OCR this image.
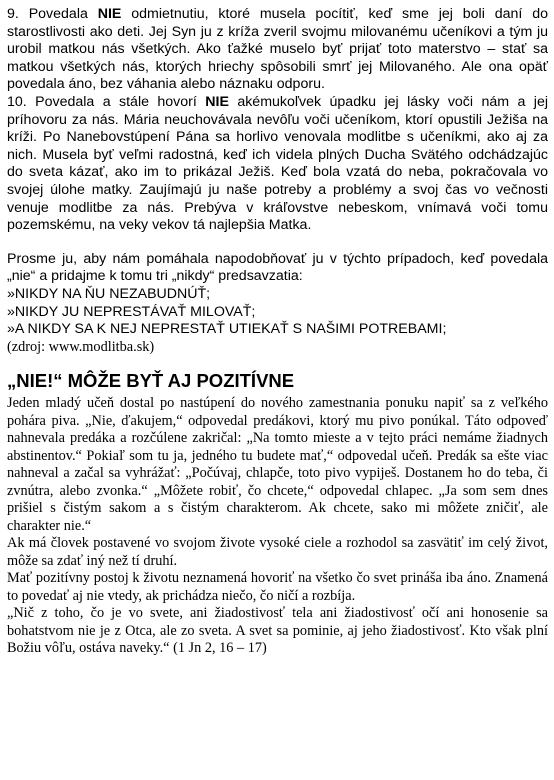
9. Povedala NIE odmietnutiu, ktoré musela pocítiť, keď sme jej boli daní do starostlivosti ako deti. Jej Syn ju z kríža zveril svojmu milovanému učeníkovi a tým ju urobil matkou nás všetkých. Ako ťažké muselo byť prijať toto materstvo – stať sa matkou všetkých nás, ktorých hriechy spôsobili smrť jej Milovaného. Ale ona opäť povedala áno, bez váhania alebo náznaku odporu.

10. Povedala a stále hovorí NIE akémukoľvek úpadku jej lásky voči nám a jej príhovoru za nás. Mária neuchovávala nevôľu voči učeníkom, ktorí opustili Ježiša na kríži. Po Nanebovstúpení Pána sa horlivo venovala modlitbe s učeníkmi, ako aj za nich. Musela byť veľmi radostná, keď ich videla plných Ducha Svätého odchádzajúc do sveta kázať, ako im to prikázal Ježiš. Keď bola vzatá do neba, pokračovala vo svojej úlohe matky. Zaujímajú ju naše potreby a problémy a svoj čas vo večnosti venuje modlitbe za nás. Prebýva v kráľovstve nebeskom, vnímavá voči tomu pozemskému, na veky vekov tá najlepšia Matka.

Prosme ju, aby nám pomáhala napodobňovať ju v týchto prípadoch, keď povedala „nie“ a pridajme k tomu tri „nikdy“ predsavzatia:

»NIKDY NA ŇU NEZABUDNÚŤ;

»NIKDY JU NEPRESTÁVAŤ MILOVAŤ;

»A NIKDY SA K NEJ NEPRESTAŤ UTIEKAŤ S NAŠIMI POTREBAMI;

(zdroj: www.modlitba.sk)

„NIE!“ MÔŽE BYŤ AJ POZITÍVNE

Jeden mladý učeň dostal po nastúpení do nového zamestnania ponuku napiť sa z veľkého pohára piva. „Nie, ďakujem,“ odpovedal predákovi, ktorý mu pivo ponúkal. Táto odpoveď nahnevala predáka a rozčúlene zakričal: „Na tomto mieste a v tejto práci nemáme žiadnych abstinentov.“ Pokiaľ som tu ja, jedného tu budete mať,“ odpovedal učeň. Predák sa ešte viac nahneval a začal sa vyhrážať: „Počúvaj, chlapče, toto pivo vypiješ. Dostanem ho do teba, či zvnútra, alebo zvonka.“ „Môžete robiť, čo chcete,“ odpovedal chlapec. „Ja som sem dnes prišiel s čistým sakom a s čistým charakterom. Ak chcete, sako mi môžete zničiť, ale charakter nie.“

Ak má človek postavené vo svojom živote vysoké ciele a rozhodol sa zasvätiť im celý život, môže sa zdať iný než tí druhí.

Mať pozitívny postoj k životu neznamená hovoriť na všetko čo svet prináša iba áno. Znamená to povedať aj nie vtedy, ak prichádza niečo, čo ničí a rozbíja.

„Nič z toho, čo je vo svete, ani žiadostivosť tela ani žiadostivosť očí ani honosenie sa bohatstvom nie je z Otca, ale zo sveta. A svet sa pominie, aj jeho žiadostivosť. Kto však plní Božiu vôľu, ostáva naveky.“ (1 Jn 2, 16 – 17)
